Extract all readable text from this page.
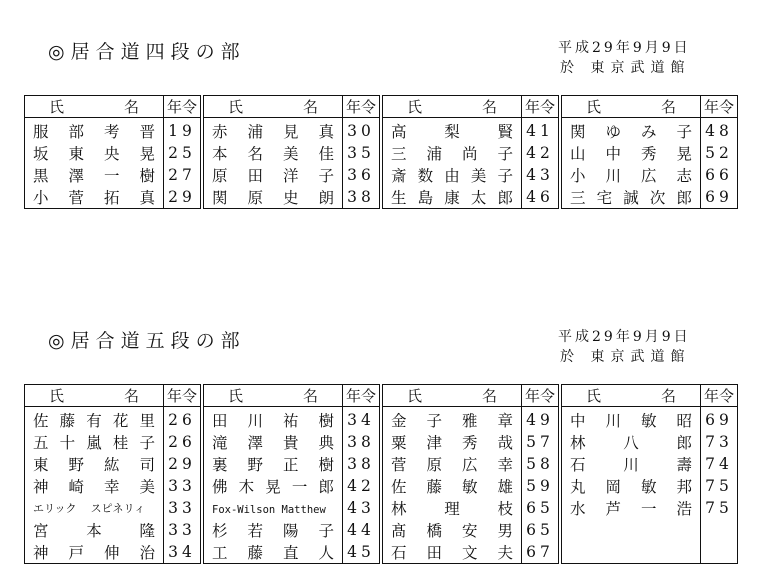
◎居合道四段の部	平成29年9月9日
於 東京武道館
氏 名	年令	氏 名	年令	氏 名	年令	氏 名	年令

服 部 考 晋	19	赤 浦 見 真	30	高 梨 賢	41	関 ゆ み 子	48

坂 東 央 晃	25	本 名 美 佳	35	三 浦 尚 子	42	山 中 秀 晃	52

黒 澤 一 樹	27	原 田 洋 子	36	斎 数 由 美 子	43	小 川 広 志	66

小 菅 拓 真	29	関 原 史 朗	38	生 島 康 太 郎	46	三 宅 誠 次 郎	69
◎居合道五段の部	平成29年9月9日
於 東京武道館
氏 名	年令	氏 名	年令	氏 名	年令	氏 名	年令

佐 藤 有 花 里	26	田 川 祐 樹	34	金 子 雅 章	49	中 川 敏 昭	69

五 十 嵐 桂 子	26	滝 澤 貴 典	38	粟 津 秀 哉	57	林 八 郎	73

東 野 紘 司	29	裏 野 正 樹	38	菅 原 広 幸	58	石 川 壽	74

神 崎 幸 美	33	佛 木 晃 一 郎	42	佐 藤 敏 雄	59	丸 岡 敏 邦	75

エリック スピネリィ	33	Fox-Wilson Matthew	43	林 理 枝	65	水 芦 一 浩	75

宮 本 隆	33	杉 若 陽 子	44	髙 橋 安 男	65	

神 戸 伸 治	34	工 藤 直 人	45	石 田 文 夫	67	
